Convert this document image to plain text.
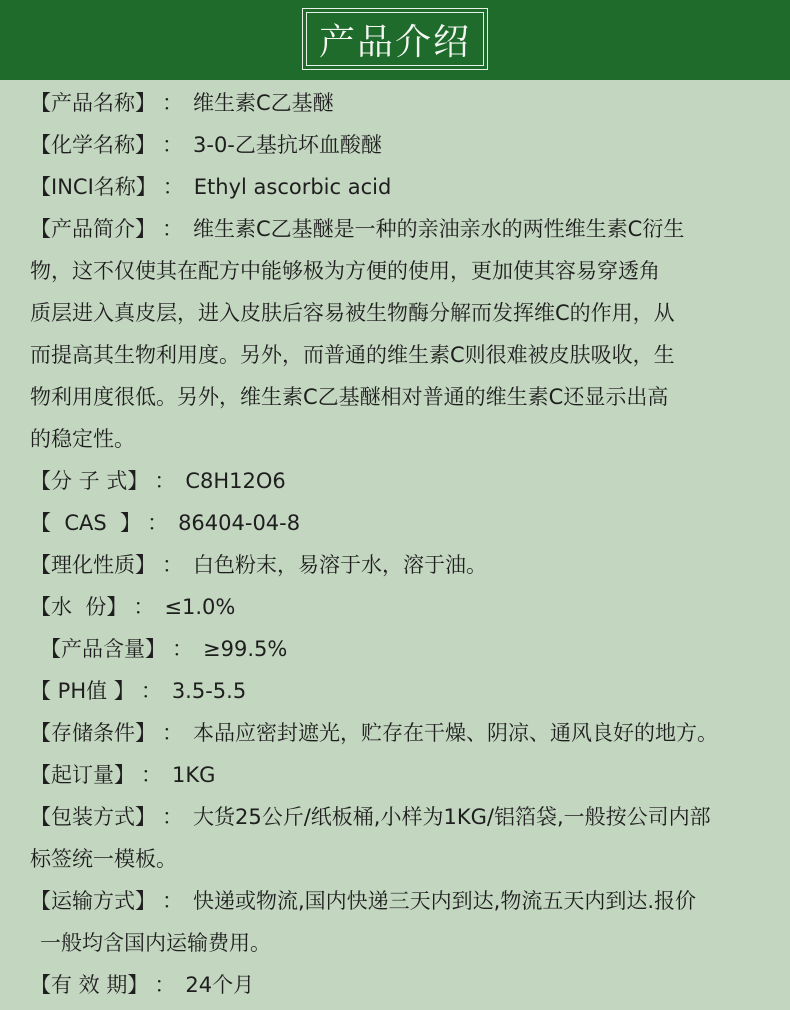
产品介绍
【产品名称】 ： 维生素C乙基醚
【化学名称】 ： 3-0-乙基抗坏血酸醚
【INCI名称】 ： Ethyl ascorbic acid
【产品简介】 ： 维生素C乙基醚是一种的亲油亲水的两性维生素C衍生
物，这不仅使其在配方中能够极为方便的使用，更加使其容易穿透角
质层进入真皮层，进入皮肤后容易被生物酶分解而发挥维C的作用，从
而提高其生物利用度。另外，而普通的维生素C则很难被皮肤吸收，生
物利用度很低。另外，维生素C乙基醚相对普通的维生素C还显示出高
的稳定性。
【分 子 式】 ： C8H12O6
【  CAS  】 ： 86404-04-8
【理化性质】 ： 白色粉末，易溶于水，溶于油。
【水  份】 ： ≤1.0%
【产品含量】 ： ≥99.5%
【 PH值 】 ： 3.5-5.5
【存储条件】 ： 本品应密封遮光，贮存在干燥、阴凉、通风良好的地方。
【起订量】 ： 1KG
【包装方式】 ： 大货25公斤/纸板桶,小样为1KG/铝箔袋,一般按公司内部
标签统一模板。
【运输方式】 ： 快递或物流,国内快递三天内到达,物流五天内到达.报价
一般均含国内运输费用。
【有 效 期】 ： 24个月
